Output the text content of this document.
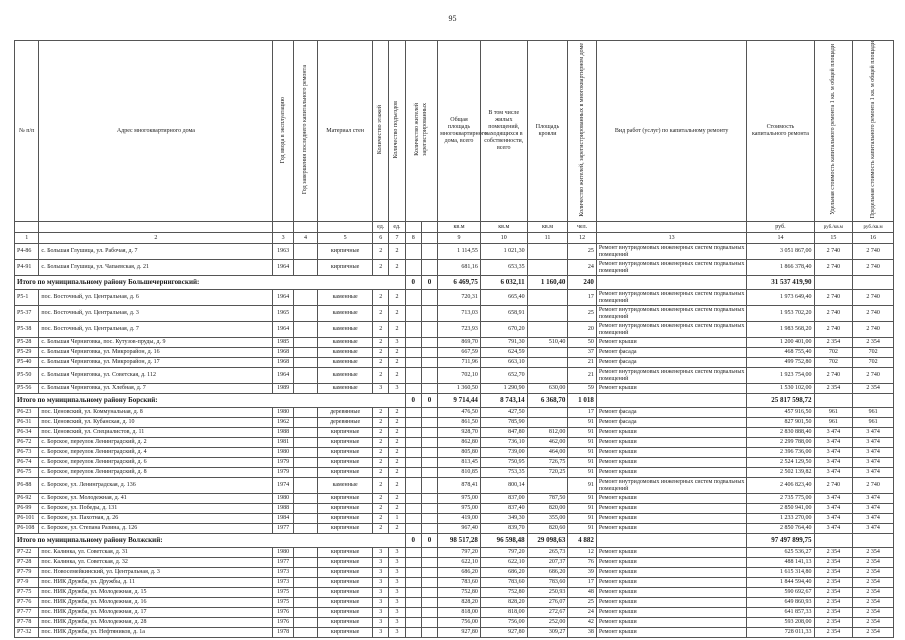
95
№ п/п	Адрес многоквартирного дома	Год ввода в эксплуатацию	Год завершения последнего капитального ремонта	Материал стен	Количество этажей	Количество подъездов	Количество жителей зарегистрированных		Общая площадь многоквартирного дома, всего	В том числе жилых помещений, находящихся в собственности, всего	Площадь кровли	Количество жителей, зарегистрированных в многоквартирном доме	Вид работ (услуг) по капитальному ремонту	Стоимость капитального ремонта	Удельная стоимость капитального ремонта 1 кв. м общей площади	Предельная стоимость капитального ремонта 1 кв. м общей площади
					ед.	ед.			кв.м	кв.м	кв.м	чел.		руб.	руб./кв.м	руб./кв.м
1	2	3	4	5	6	7	8		9	10	11	12	13	14	15	16
Р4-86	с. Большая Глушица, ул. Рабочая, д. 7	1963		кирпичные	2	2			1 114,55	1 021,30		25	Ремонт внутридомовых инженерных систем подвальных помещений	3 051 867,00	2 740	2 740
Р4-91	с. Большая Глушица, ул. Чапаевская, д. 21	1964		кирпичные	2	2			681,16	653,35		24	Ремонт внутридомовых инженерных систем подвальных помещений	1 866 378,40	2 740	2 740
Итого по муниципальному району Большечерниговский:							0	0	6 469,75	6 032,11	1 160,40	240		31 537 419,90		
Р5-1	пос. Восточный, ул. Центральная, д. 6	1964		каменные	2	2			720,31	665,40		17	Ремонт внутридомовых инженерных систем подвальных помещений	1 973 649,40	2 740	2 740
Р5-37	пос. Восточный, ул. Центральная, д. 3	1965		каменные	2	2			713,03	658,91		25	Ремонт внутридомовых инженерных систем подвальных помещений	1 953 702,20	2 740	2 740
Р5-38	пос. Восточный, ул. Центральная, д. 7	1964		каменные	2	2			723,93	670,20		20	Ремонт внутридомовых инженерных систем подвальных помещений	1 983 568,20	2 740	2 740
Р5-28	с. Большая Черниговка, пос. Кутузов-пруды, д. 9	1985		каменные	2	3			869,70	791,30	510,40	50	Ремонт крыши	1 200 401,00	2 354	2 354
Р5-29	с. Большая Черниговка, ул. Микрорайон, д. 16	1968		каменные	2	2			667,59	624,59		37	Ремонт фасада	468 755,40	702	702
Р5-40	с. Большая Черниговка, ул. Микрорайон, д. 17	1968		каменные	2	2			711,96	663,10		21	Ремонт фасада	499 752,80	702	702
Р5-50	с. Большая Черниговка, ул. Советская, д. 112	1964		каменные	2	2			702,10	652,70		21	Ремонт внутридомовых инженерных систем подвальных помещений	1 923 754,00	2 740	2 740
Р5-56	с. Большая Черниговка, ул. Хлебная, д. 7	1989		каменные	3	3			1 360,50	1 290,90	630,00	59	Ремонт крыши	1 530 102,00	2 354	2 354
Итого по муниципальному району Борский:							0	0	9 714,44	8 743,14	6 368,70	1 018		25 817 598,72		
Р6-23	пос. Ценовский, ул. Коммунальная, д. 8	1980		деревянные	2	2			476,50	427,50		17	Ремонт фасада	457 916,50	961	961
Р6-31	пос. Ценовский, ул. Кубанская, д. 10	1962		деревянные	2	2			861,50	785,90		91	Ремонт фасада	827 901,50	961	961
Р6-34	пос. Ценовский, ул. Специалистов, д. 11	1988		кирпичные	2	2			928,70	847,80	812,00	91	Ремонт крыши	2 830 888,40	3 474	3 474
Р6-72	с. Борское, переулок Ленинградский, д. 2	1981		кирпичные	2	2			862,80	736,10	462,00	91	Ремонт крыши	2 299 788,00	3 474	3 474
Р6-73	с. Борское, переулок Ленинградский, д. 4	1980		кирпичные	2	2			805,80	739,00	464,00	91	Ремонт крыши	2 396 736,00	3 474	3 474
Р6-74	с. Борское, переулок Ленинградский, д. 6	1979		кирпичные	2	2			813,45	750,95	726,75	91	Ремонт крыши	2 524 129,50	3 474	3 474
Р6-75	с. Борское, переулок Ленинградский, д. 8	1979		кирпичные	2	2			810,85	753,35	720,25	91	Ремонт крыши	2 502 139,82	3 474	3 474
Р6-88	с. Борское, ул. Ленинградская, д. 136	1974		каменные	2	2			878,41	800,14		91	Ремонт внутридомовых инженерных систем подвальных помещений	2 406 823,40	2 740	2 740
Р6-92	с. Борское, ул. Молодежная, д. 41	1980		кирпичные	2	2			975,00	837,00	787,50	91	Ремонт крыши	2 735 775,00	3 474	3 474
Р6-99	с. Борское, ул. Победы, д. 131	1988		кирпичные	2	2			975,00	837,40	820,00	91	Ремонт крыши	2 850 941,00	3 474	3 474
Р6-101	с. Борское, ул. Пахотная, д. 26	1984		кирпичные	2	1			419,00	349,30	355,00	91	Ремонт крыши	1 233 270,00	3 474	3 474
Р6-108	с. Борское, ул. Степана Разина, д. 126	1977		кирпичные	2	2			967,40	839,70	820,60	91	Ремонт крыши	2 850 764,40	3 474	3 474
Итого по муниципальному району Волжский:							0	0	98 517,28	96 598,48	29 098,63	4 882		97 497 899,75		
Р7-22	пос. Калинка, ул. Советская, д. 31	1980		кирпичные	3	3			797,20	797,20	265,73	12	Ремонт крыши	625 536,27	2 354	2 354
Р7-28	пос. Калинка, ул. Советская, д. 32	1977		кирпичные	3	3			622,10	622,10	207,37	76	Ремонт крыши	488 141,13	2 354	2 354
Р7-79	пос. Новосемейкинский, ул. Центральная, д. 3	1973		кирпичные	3	3			686,20	686,20	686,20	39	Ремонт крыши	1 615 314,80	2 354	2 354
Р7-9	пос. НИК Дружба, ул. Дружбы, д. 11	1973		кирпичные	3	3			783,60	783,60	783,60	17	Ремонт крыши	1 844 594,40	2 354	2 354
Р7-75	пос. НИК Дружба, ул. Молодежная, д. 15	1975		кирпичные	3	3			752,80	752,80	250,93	48	Ремонт крыши	590 692,67	2 354	2 354
Р7-76	пос. НИК Дружба, ул. Молодежная, д. 16	1975		кирпичные	3	3			828,20	828,20	276,07	25	Ремонт крыши	649 860,93	2 354	2 354
Р7-77	пос. НИК Дружба, ул. Молодежная, д. 17	1976		кирпичные	3	3			818,00	818,00	272,67	24	Ремонт крыши	641 857,33	2 354	2 354
Р7-78	пос. НИК Дружба, ул. Молодежная, д. 28	1976		кирпичные	3	3			756,00	756,00	252,00	42	Ремонт крыши	593 208,00	2 354	2 354
Р7-32	пос. НИК Дружба, ул. Нефтяников, д. 1а	1978		кирпичные	3	3			927,80	927,80	309,27	38	Ремонт крыши	728 011,33	2 354	2 354
